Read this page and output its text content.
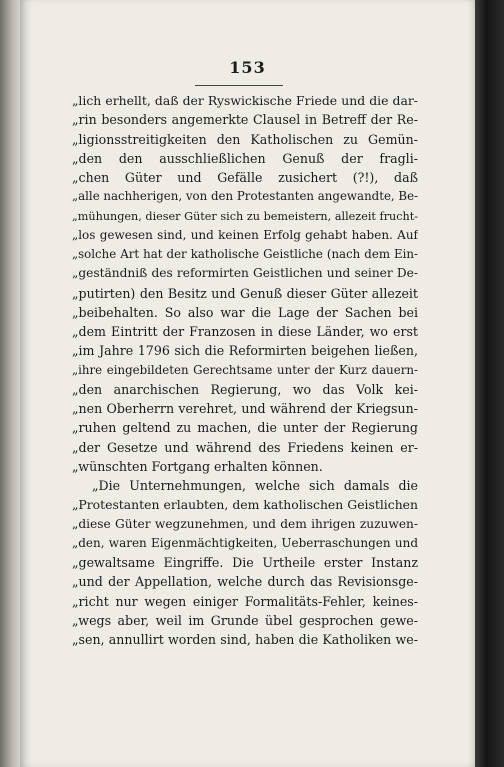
153
„lich erhellt, daß der Ryswickische Friede und die dar-
„rin besonders angemerkte Clausel in Betreff der Re-
„ligionsstreitigkeiten den Katholischen zu Gemün-
„den den ausschließlichen Genuß der fragli-
„chen Güter und Gefälle zusichert (?!), daß
„alle nachherigen, von den Protestanten angewandte, Be-
„mühungen, dieser Güter sich zu bemeistern, allezeit frucht-
„los gewesen sind, und keinen Erfolg gehabt haben. Auf
„solche Art hat der katholische Geistliche (nach dem Ein-
„geständniß des reformirten Geistlichen und seiner De-
„putirten) den Besitz und Genuß dieser Güter allezeit
„beibehalten. So also war die Lage der Sachen bei
„dem Eintritt der Franzosen in diese Länder, wo erst
„im Jahre 1796 sich die Reformirten beigehen ließen,
„ihre eingebildeten Gerechtsame unter der Kurz dauern-
„den anarchischen Regierung, wo das Volk kei-
„nen Oberherrn verehret, und während der Kriegsun-
„ruhen geltend zu machen, die unter der Regierung
„der Gesetze und während des Friedens keinen er-
„wünschten Fortgang erhalten können.
„Die Unternehmungen, welche sich damals die
„Protestanten erlaubten, dem katholischen Geistlichen
„diese Güter wegzunehmen, und dem ihrigen zuzuwen-
„den, waren Eigenmächtigkeiten, Ueberraschungen und
„gewaltsame Eingriffe. Die Urtheile erster Instanz
„und der Appellation, welche durch das Revisionsge-
„richt nur wegen einiger Formalitäts-Fehler, keines-
„wegs aber, weil im Grunde übel gesprochen gewe-
„sen, annullirt worden sind, haben die Katholiken we-
